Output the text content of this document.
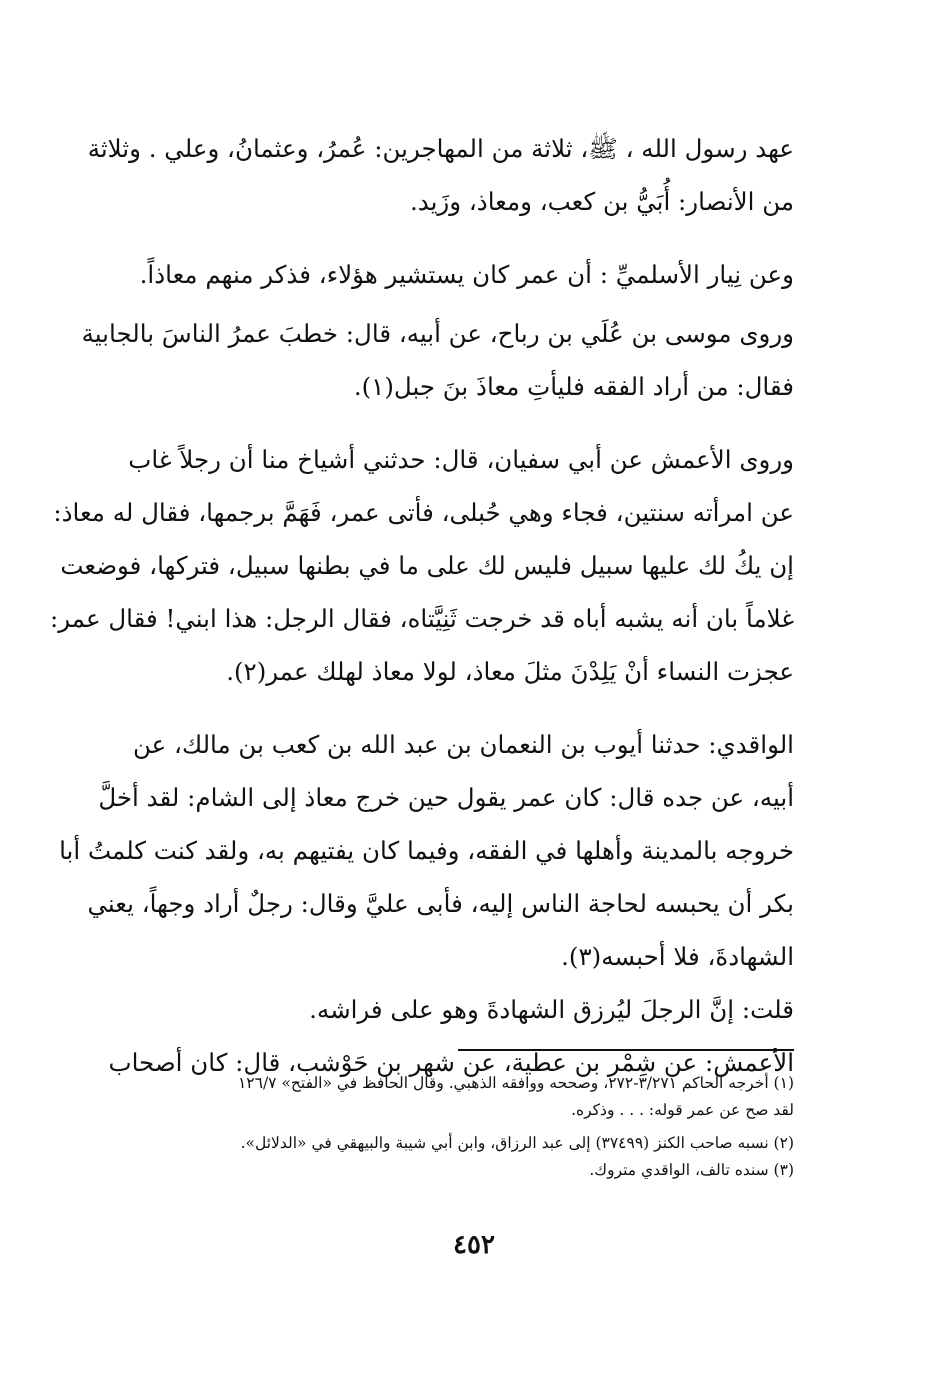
عهد رسول الله ، ﷺ، ثلاثة من المهاجرين: عُمرُ، وعثمانُ، وعلي . وثلاثة
من الأنصار: أُبَيُّ بن كعب، ومعاذ، وزَيد.
وعن نِيار الأسلميِّ : أن عمر كان يستشير هؤلاء، فذكر منهم معاذاً.
وروى موسى بن عُلَي بن رباح، عن أبيه، قال: خطبَ عمرُ الناسَ بالجابية
فقال: من أراد الفقه فليأتِ معاذَ بنَ جبل(١).
وروى الأعمش عن أبي سفيان، قال: حدثني أشياخ منا أن رجلاً غاب
عن امرأته سنتين، فجاء وهي حُبلى، فأتى عمر، فَهَمَّ برجمها، فقال له معاذ:
إن يكُ لك عليها سبيل فليس لك على ما في بطنها سبيل، فتركها، فوضعت
غلاماً بان أنه يشبه أباه قد خرجت ثَنِيَّتاه، فقال الرجل: هذا ابني! فقال عمر:
عجزت النساء أنْ يَلِدْنَ مثلَ معاذ، لولا معاذ لهلك عمر(٢).
الواقدي: حدثنا أيوب بن النعمان بن عبد الله بن كعب بن مالك، عن
أبيه، عن جده قال: كان عمر يقول حين خرج معاذ إلى الشام: لقد أخلَّ
خروجه بالمدينة وأهلها في الفقه، وفيما كان يفتيهم به، ولقد كنت كلمتُ أبا
بكر أن يحبسه لحاجة الناس إليه، فأبى عليَّ وقال: رجلٌ أراد وجهاً، يعني
الشهادةَ، فلا أحبسه(٣).
قلت: إنَّ الرجلَ ليُرزق الشهادةَ وهو على فراشه.
الأعمش: عن شِمْر بن عطية، عن شهر بن حَوْشب، قال: كان أصحاب
(١) أخرجه الحاكم ٣/٢٧١-٢٧٢، وصححه ووافقه الذهبي. وقال الحافظ في «الفتح» ١٢٦/٧
لقد صح عن عمر قوله: . . . وذكره.
(٢) نسبه صاحب الكنز (٣٧٤٩٩) إلى عبد الرزاق، وابن أبي شيبة والبيهقي في «الدلائل».
(٣) سنده تالف، الواقدي متروك.
٤٥٢
